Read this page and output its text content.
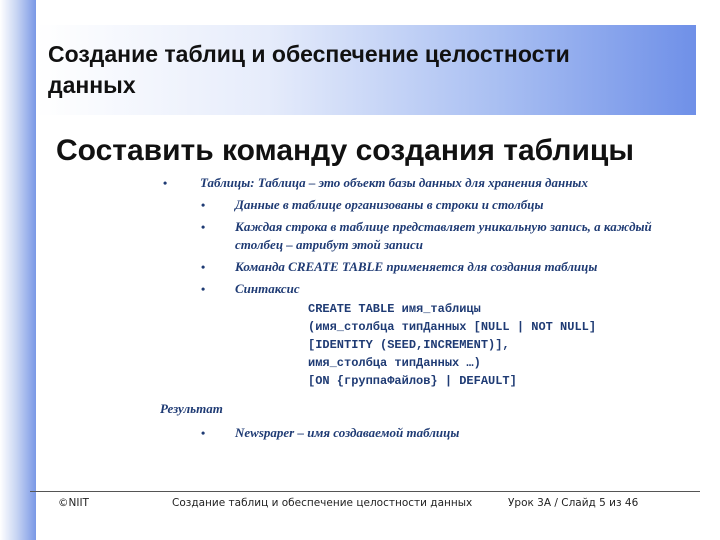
Создание таблиц и обеспечение целостности данных
Составить команду создания таблицы
•	Таблицы: Таблица – это объект базы данных для хранения данных
• Данные в таблице организованы в строки и столбцы
• Каждая строка в таблице представляет уникальную запись, а каждый столбец – атрибут этой записи
• Команда CREATE TABLE применяется для создания таблицы
• Синтаксис
CREATE TABLE имя_таблицы
(имя_столбца типДанных [NULL | NOT NULL]
[IDENTITY (SEED,INCREMENT)],
имя_столбца типДанных …)
[ON {группаФайлов} | DEFAULT]
Результат
• Newspaper – имя создаваемой таблицы
©NIIT	Создание таблиц и обеспечение целостности данных	Урок 3A / Слайд 5 из 46
